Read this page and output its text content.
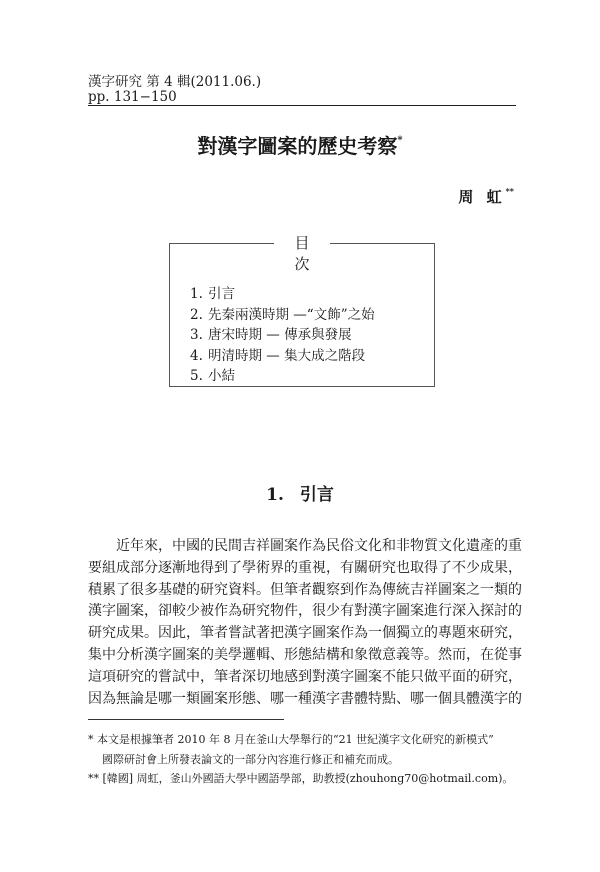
漢字研究 第 4 輯(2011.06.)
pp. 131−150
對漢字圖案的歷史考察*
周 虹**
目 次
1. 引言
2. 先秦兩漢時期 —“文飾”之始
3. 唐宋時期 — 傳承與發展
4. 明清時期 — 集大成之階段
5. 小結
1. 引言
近年來，中國的民間吉祥圖案作為民俗文化和非物質文化遺產的重
要組成部分逐漸地得到了學術界的重視，有關研究也取得了不少成果，
積累了很多基礎的研究資料。但筆者觀察到作為傳統吉祥圖案之一類的
漢字圖案，卻較少被作為研究物件，很少有對漢字圖案進行深入探討的
研究成果。因此，筆者嘗試著把漢字圖案作為一個獨立的專題來研究，
集中分析漢字圖案的美學邏輯、形態結構和象徵意義等。然而，在從事
這項研究的嘗試中，筆者深切地感到對漢字圖案不能只做平面的研究，
因為無論是哪一類圖案形態、哪一種漢字書體特點、哪一個具體漢字的
* 本文是根據筆者 2010 年 8 月在釜山大學舉行的“21 世紀漢字文化研究的新模式”
國際研討會上所發表論文的一部分內容進行修正和補充而成。
** [韓國] 周虹，釜山外國語大學中國語學部，助教授(zhouhong70@hotmail.com)。
